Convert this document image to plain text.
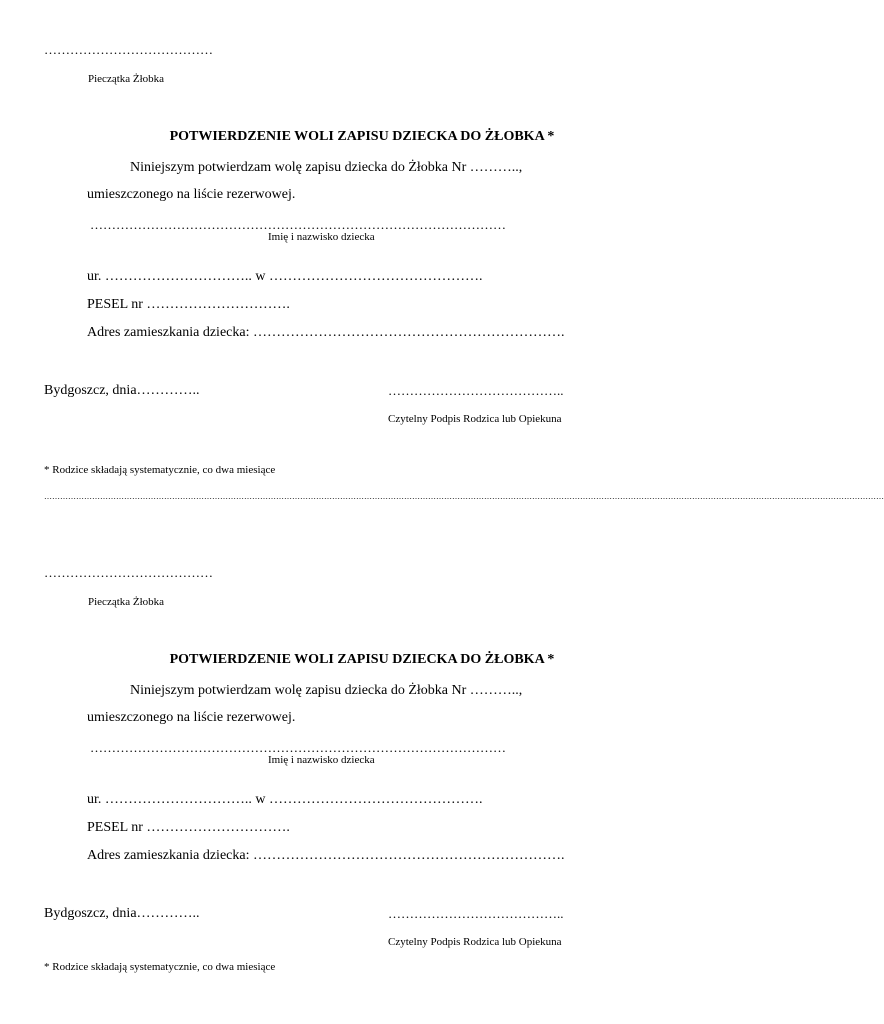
…………………………………

Pieczątka Żłobka

POTWIERDZENIE WOLI ZAPISU DZIECKA DO ŻŁOBKA *

Niniejszym potwierdzam wolę zapisu dziecka do Żłobka Nr ………..,

umieszczonego na liście rezerwowej.

……………………………………………………………………………………

Imię i nazwisko dziecka

ur. ………………………….. w ……………………………………….

PESEL nr ………………………….

Adres zamieszkania dziecka: ………………………………………………………….

Bydgoszcz, dnia…………..	…………………………………..

Czytelny Podpis Rodzica lub Opiekuna

* Rodzice składają systematycznie, co dwa miesiące

………………………………………………………………………………………………………………………………………………………………………………………………………………………………………………………………………………………

…………………………………

Pieczątka Żłobka

POTWIERDZENIE WOLI ZAPISU DZIECKA DO ŻŁOBKA *

Niniejszym potwierdzam wolę zapisu dziecka do Żłobka Nr ………..,

umieszczonego na liście rezerwowej.

……………………………………………………………………………………

Imię i nazwisko dziecka

ur. ………………………….. w ……………………………………….

PESEL nr ………………………….

Adres zamieszkania dziecka: ………………………………………………………….

Bydgoszcz, dnia…………..	…………………………………..

Czytelny Podpis Rodzica lub Opiekuna

* Rodzice składają systematycznie, co dwa miesiące
